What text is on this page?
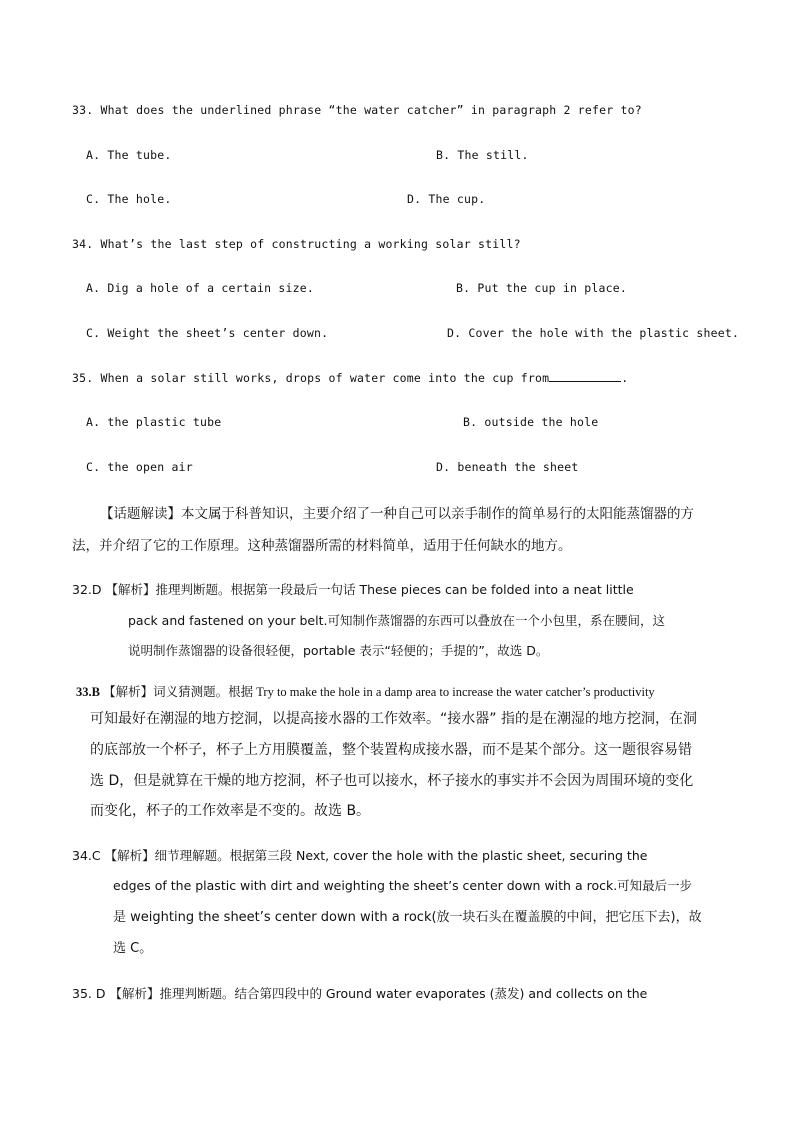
33. What does the underlined phrase “the water catcher” in paragraph 2 refer to?
A. The tube.	B. The still.
C. The hole.	D. The cup.
34. What’s the last step of constructing a working solar still?
A. Dig a hole of a certain size.	B. Put the cup in place.
C. Weight the sheet’s center down.	D. Cover the hole with the plastic sheet.
35. When a solar still works, drops of water come into the cup from	.
A. the plastic tube	B. outside the hole
C. the open air	D. beneath the sheet
【话题解读】本文属于科普知识，主要介绍了一种自己可以亲手制作的简单易行的太阳能蒸馏器的方
法，并介绍了它的工作原理。这种蒸馏器所需的材料简单，适用于任何缺水的地方。
32.D 【解析】推理判断题。根据第一段最后一句话 These pieces can be folded into a neat little
pack and fastened on your belt.可知制作蒸馏器的东西可以叠放在一个小包里，系在腰间，这
说明制作蒸馏器的设备很轻便，portable 表示“轻便的；手提的”，故选 D。
33.B 【解析】词义猜测题。根据 Try to make the hole in a damp area to increase the water catcher’s productivity
可知最好在潮湿的地方挖洞，以提高接水器的工作效率。“接水器” 指的是在潮湿的地方挖洞，在洞
的底部放一个杯子，杯子上方用膜覆盖，整个装置构成接水器，而不是某个部分。这一题很容易错
选 D，但是就算在干燥的地方挖洞，杯子也可以接水，杯子接水的事实并不会因为周围环境的变化
而变化，杯子的工作效率是不变的。故选 B。
34.C 【解析】细节理解题。根据第三段 Next, cover the hole with the plastic sheet, securing the
edges of the plastic with dirt and weighting the sheet’s center down with a rock.可知最后一步
是 weighting the sheet’s center down with a rock(放一块石头在覆盖膜的中间，把它压下去)，故
选 C。
35. D 【解析】推理判断题。结合第四段中的 Ground water evaporates (蒸发) and collects on the
